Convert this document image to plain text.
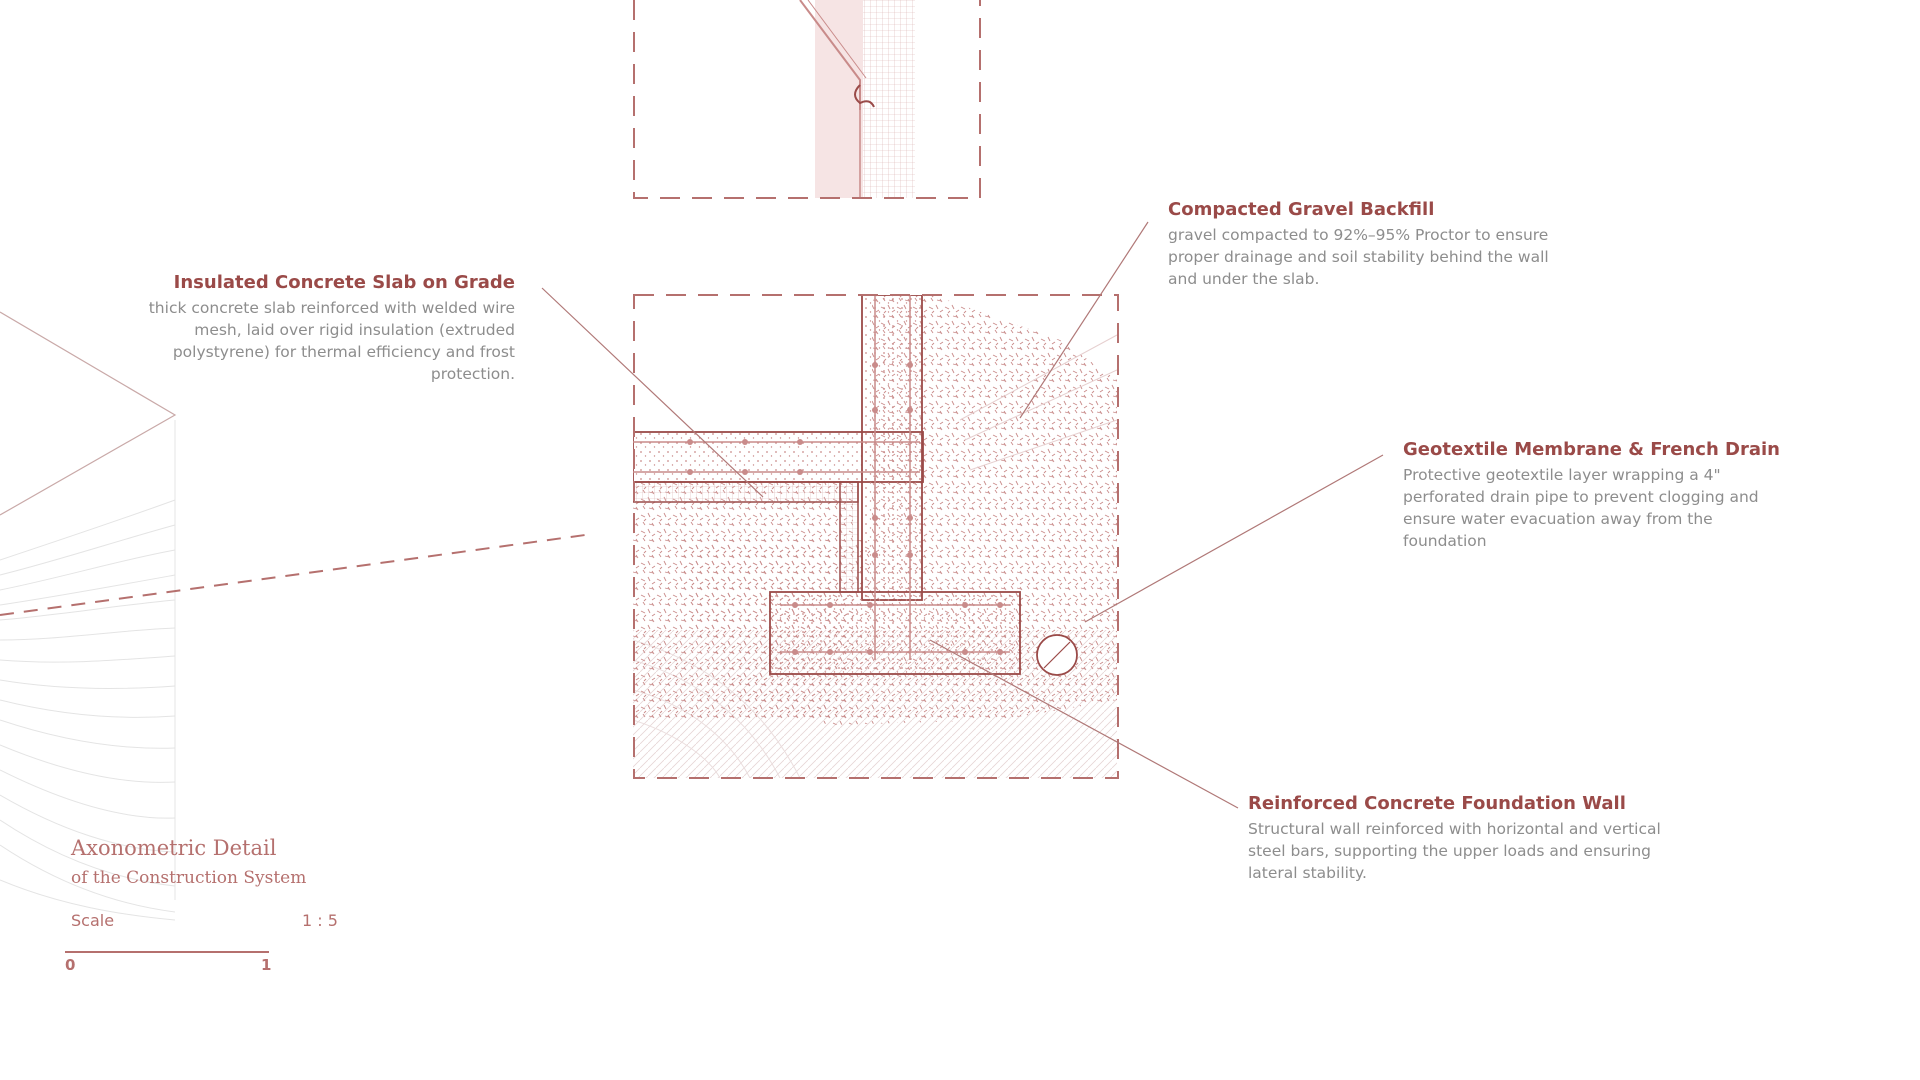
Insulated Concrete Slab on Grade

thick concrete slab reinforced with welded wire mesh, laid over rigid insulation (extruded polystyrene) for thermal efficiency and frost protection.

Compacted Gravel Backfill

gravel compacted to 92%–95% Proctor to ensure proper drainage and soil stability behind the wall and under the slab.

Geotextile Membrane & French Drain

Protective geotextile layer wrapping a 4" perforated drain pipe to prevent clogging and ensure water evacuation away from the foundation

Reinforced Concrete Foundation Wall

Structural wall reinforced with horizontal and vertical steel bars, supporting the upper loads and ensuring lateral stability.

Axonometric Detail
of the Construction System
Scale	1 : 5
0	1
